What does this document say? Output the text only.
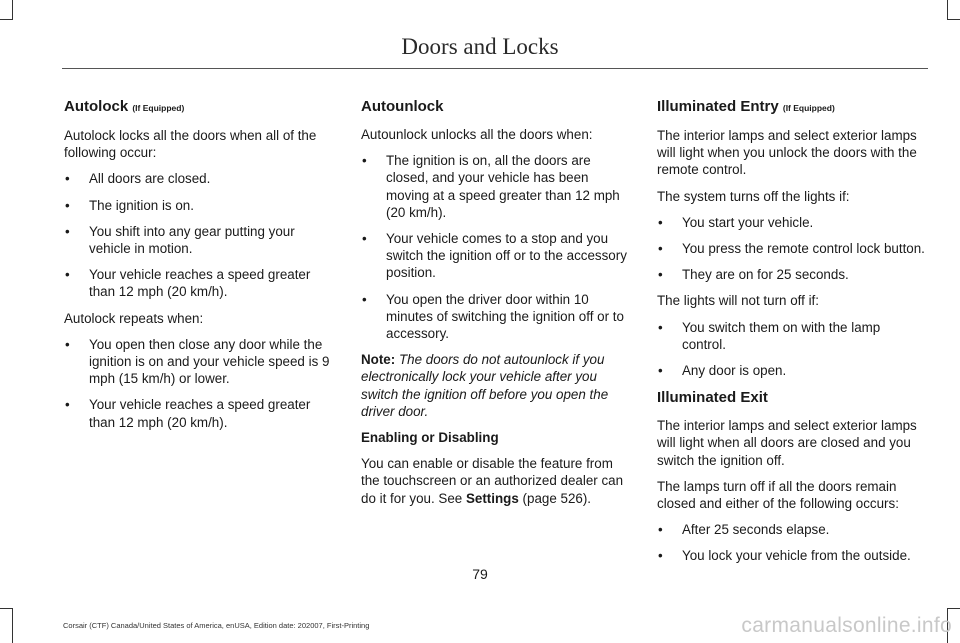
Doors and Locks
Autolock (If Equipped)

Autolock locks all the doors when all of the following occur:

• All doors are closed.
• The ignition is on.
• You shift into any gear putting your vehicle in motion.
• Your vehicle reaches a speed greater than 12 mph (20 km/h).

Autolock repeats when:

• You open then close any door while the ignition is on and your vehicle speed is 9 mph (15 km/h) or lower.
• Your vehicle reaches a speed greater than 12 mph (20 km/h).
Autounlock

Autounlock unlocks all the doors when:

• The ignition is on, all the doors are closed, and your vehicle has been moving at a speed greater than 12 mph (20 km/h).
• Your vehicle comes to a stop and you switch the ignition off or to the accessory position.
• You open the driver door within 10 minutes of switching the ignition off or to accessory.

Note: The doors do not autounlock if you electronically lock your vehicle after you switch the ignition off before you open the driver door.

Enabling or Disabling

You can enable or disable the feature from the touchscreen or an authorized dealer can do it for you. See Settings (page 526).

Illuminated Entry (If Equipped)

The interior lamps and select exterior lamps will light when you unlock the doors with the remote control.

The system turns off the lights if:

• You start your vehicle.
• You press the remote control lock button.
• They are on for 25 seconds.

The lights will not turn off if:

• You switch them on with the lamp control.
• Any door is open.
Illuminated Exit

The interior lamps and select exterior lamps will light when all doors are closed and you switch the ignition off.

The lamps turn off if all the doors remain closed and either of the following occurs:

• After 25 seconds elapse.
• You lock your vehicle from the outside.
79
Corsair (CTF) Canada/United States of America, enUSA, Edition date: 202007, First-Printing	carmanualsonline.info
